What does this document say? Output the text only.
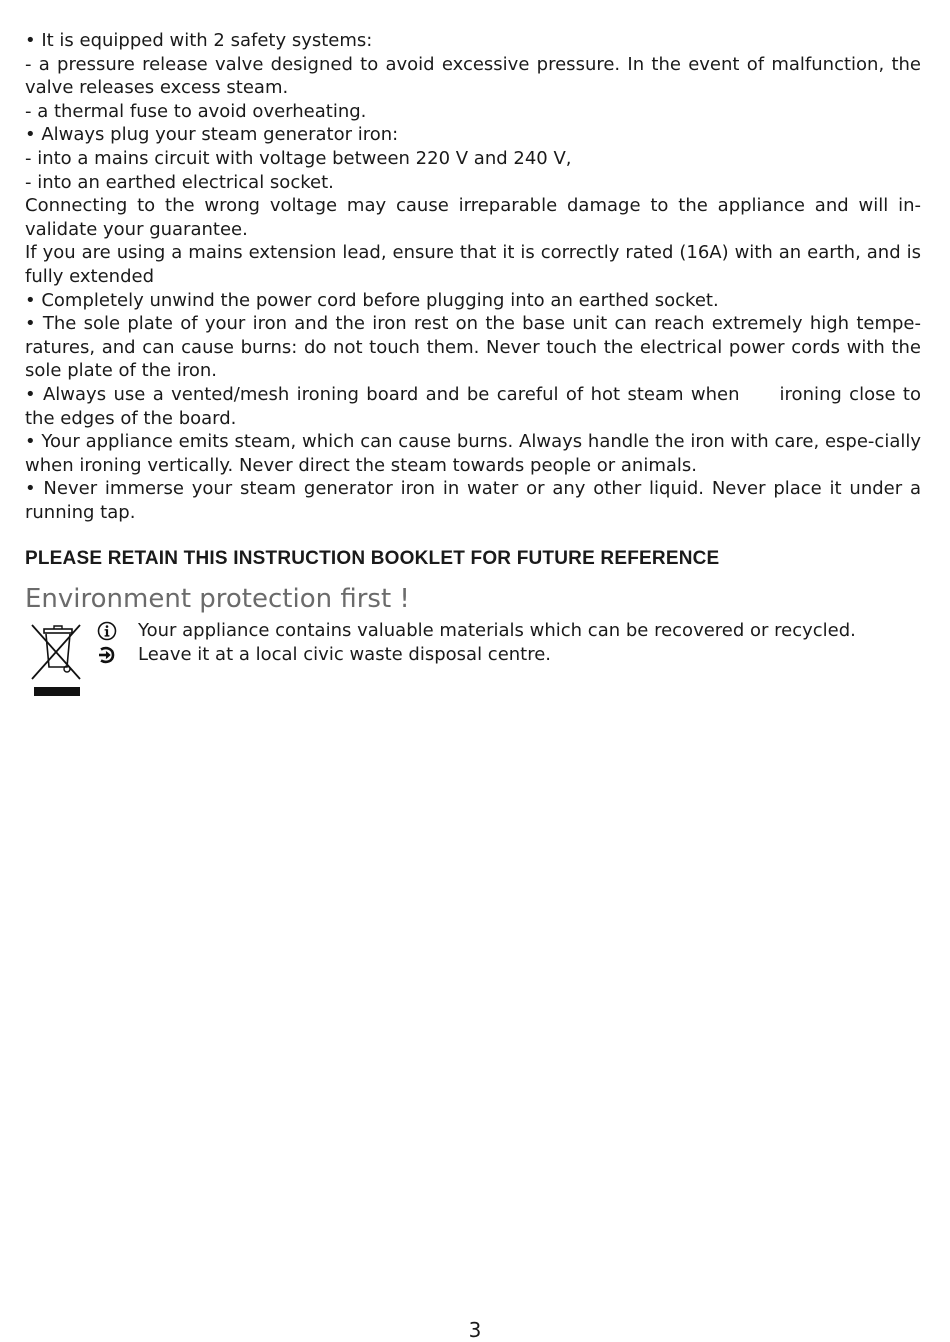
• It is equipped with 2 safety systems:

- a pressure release valve designed to avoid excessive pressure. In the event of malfunction, the valve releases excess steam.

- a thermal fuse to avoid overheating.

• Always plug your steam generator iron:

- into a mains circuit with voltage between 220 V and 240 V,

- into an earthed electrical socket.

Connecting to the wrong voltage may cause irreparable damage to the appliance and will in-validate your guarantee.

If you are using a mains extension lead, ensure that it is correctly rated (16A) with an earth, and is fully extended

• Completely unwind the power cord before plugging into an earthed socket.

• The sole plate of your iron and the iron rest on the base unit can reach extremely high tempe-ratures, and can cause burns: do not touch them. Never touch the electrical power cords with the sole plate of the iron.

• Always use a vented/mesh ironing board and be careful of hot steam when ironing close to the edges of the board.

• Your appliance emits steam, which can cause burns. Always handle the iron with care, espe-cially when ironing vertically. Never direct the steam towards people or animals.

• Never immerse your steam generator iron in water or any other liquid. Never place it under a running tap.

PLEASE RETAIN THIS INSTRUCTION BOOKLET FOR FUTURE REFERENCE

Environment protection first !

Your appliance contains valuable materials which can be recovered or recycled.
Leave it at a local civic waste disposal centre.
3
